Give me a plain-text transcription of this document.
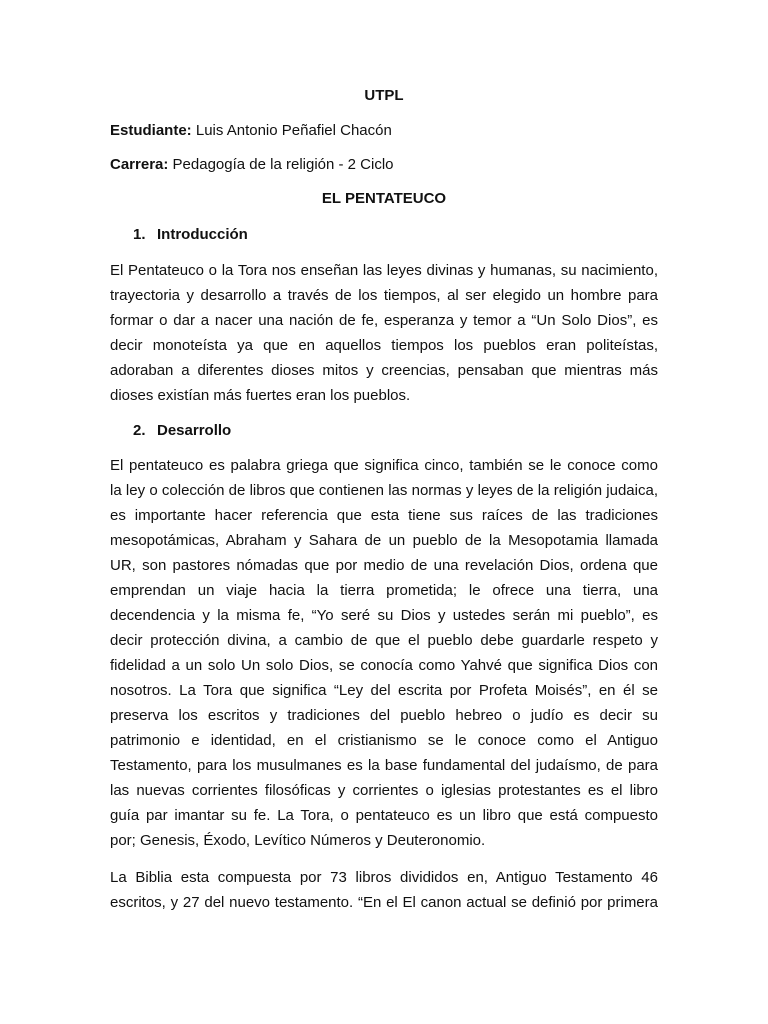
UTPL

Estudiante: Luis Antonio Peñafiel Chacón

Carrera: Pedagogía de la religión - 2 Ciclo

EL PENTATEUCO

1. Introducción

El Pentateuco o la Tora nos enseñan las leyes divinas y humanas, su nacimiento,
trayectoria y desarrollo a través de los tiempos, al ser elegido un hombre para
formar o dar a nacer una nación de fe, esperanza y temor a “Un Solo Dios”, es
decir monoteísta ya que en aquellos tiempos los pueblos eran politeístas,
adoraban a diferentes dioses mitos y creencias, pensaban que mientras más
dioses existían más fuertes eran los pueblos.

2. Desarrollo

El pentateuco es palabra griega que significa cinco, también se le conoce como
la ley o colección de libros que contienen las normas y leyes de la religión judaica,
es importante hacer referencia que esta tiene sus raíces de las tradiciones
mesopotámicas, Abraham y Sahara de un pueblo de la Mesopotamia llamada
UR, son pastores nómadas que por medio de una revelación Dios, ordena que
emprendan un viaje hacia la tierra prometida; le ofrece una tierra, una
decendencia y la misma fe, “Yo seré su Dios y ustedes serán mi pueblo”, es
decir protección divina, a cambio de que el pueblo debe guardarle respeto y
fidelidad a un solo Un solo Dios, se conocía como Yahvé que significa Dios con
nosotros. La Tora que significa “Ley del escrita por Profeta Moisés”, en él se
preserva los escritos y tradiciones del pueblo hebreo o judío es decir su
patrimonio e identidad, en el cristianismo se le conoce como el Antiguo
Testamento, para los musulmanes es la base fundamental del judaísmo, de para
las nuevas corrientes filosóficas y corrientes o iglesias protestantes es el libro
guía par imantar su fe. La Tora, o pentateuco es un libro que está compuesto
por; Genesis, Éxodo, Levítico Números y Deuteronomio.
La Biblia esta compuesta por 73 libros divididos en, Antiguo Testamento 46
escritos, y 27 del nuevo testamento. “En el El canon actual se definió por primera
